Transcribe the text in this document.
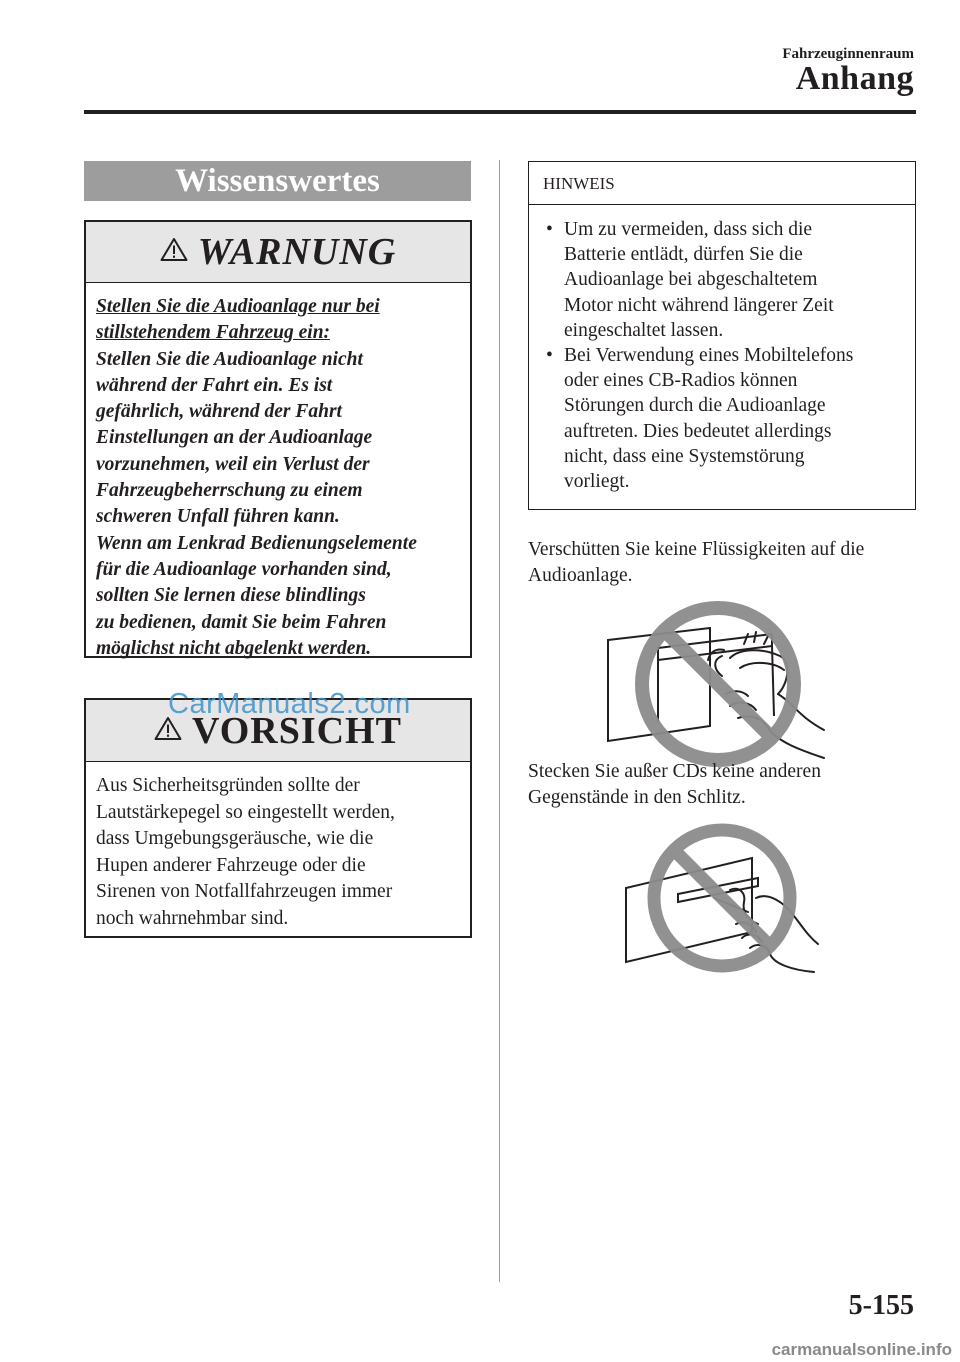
Fahrzeuginnenraum
Anhang
Wissenswertes
WARNUNG
Stellen Sie die Audioanlage nur bei
stillstehendem Fahrzeug ein:
Stellen Sie die Audioanlage nicht
während der Fahrt ein. Es ist
gefährlich, während der Fahrt
Einstellungen an der Audioanlage
vorzunehmen, weil ein Verlust der
Fahrzeugbeherrschung zu einem
schweren Unfall führen kann.
Wenn am Lenkrad Bedienungselemente
für die Audioanlage vorhanden sind,
sollten Sie lernen diese blindlings
zu bedienen, damit Sie beim Fahren
möglichst nicht abgelenkt werden.
VORSICHT
Aus Sicherheitsgründen sollte der
Lautstärkepegel so eingestellt werden,
dass Umgebungsgeräusche, wie die
Hupen anderer Fahrzeuge oder die
Sirenen von Notfallfahrzeugen immer
noch wahrnehmbar sind.
CarManuals2.com
HINWEIS
• Um zu vermeiden, dass sich die
Batterie entlädt, dürfen Sie die
Audioanlage bei abgeschaltetem
Motor nicht während längerer Zeit
eingeschaltet lassen.
• Bei Verwendung eines Mobiltelefons
oder eines CB-Radios können
Störungen durch die Audioanlage
auftreten. Dies bedeutet allerdings
nicht, dass eine Systemstörung
vorliegt.
Verschütten Sie keine Flüssigkeiten auf die
Audioanlage.
Stecken Sie außer CDs keine anderen
Gegenstände in den Schlitz.
5-155
carmanualsonline.info
